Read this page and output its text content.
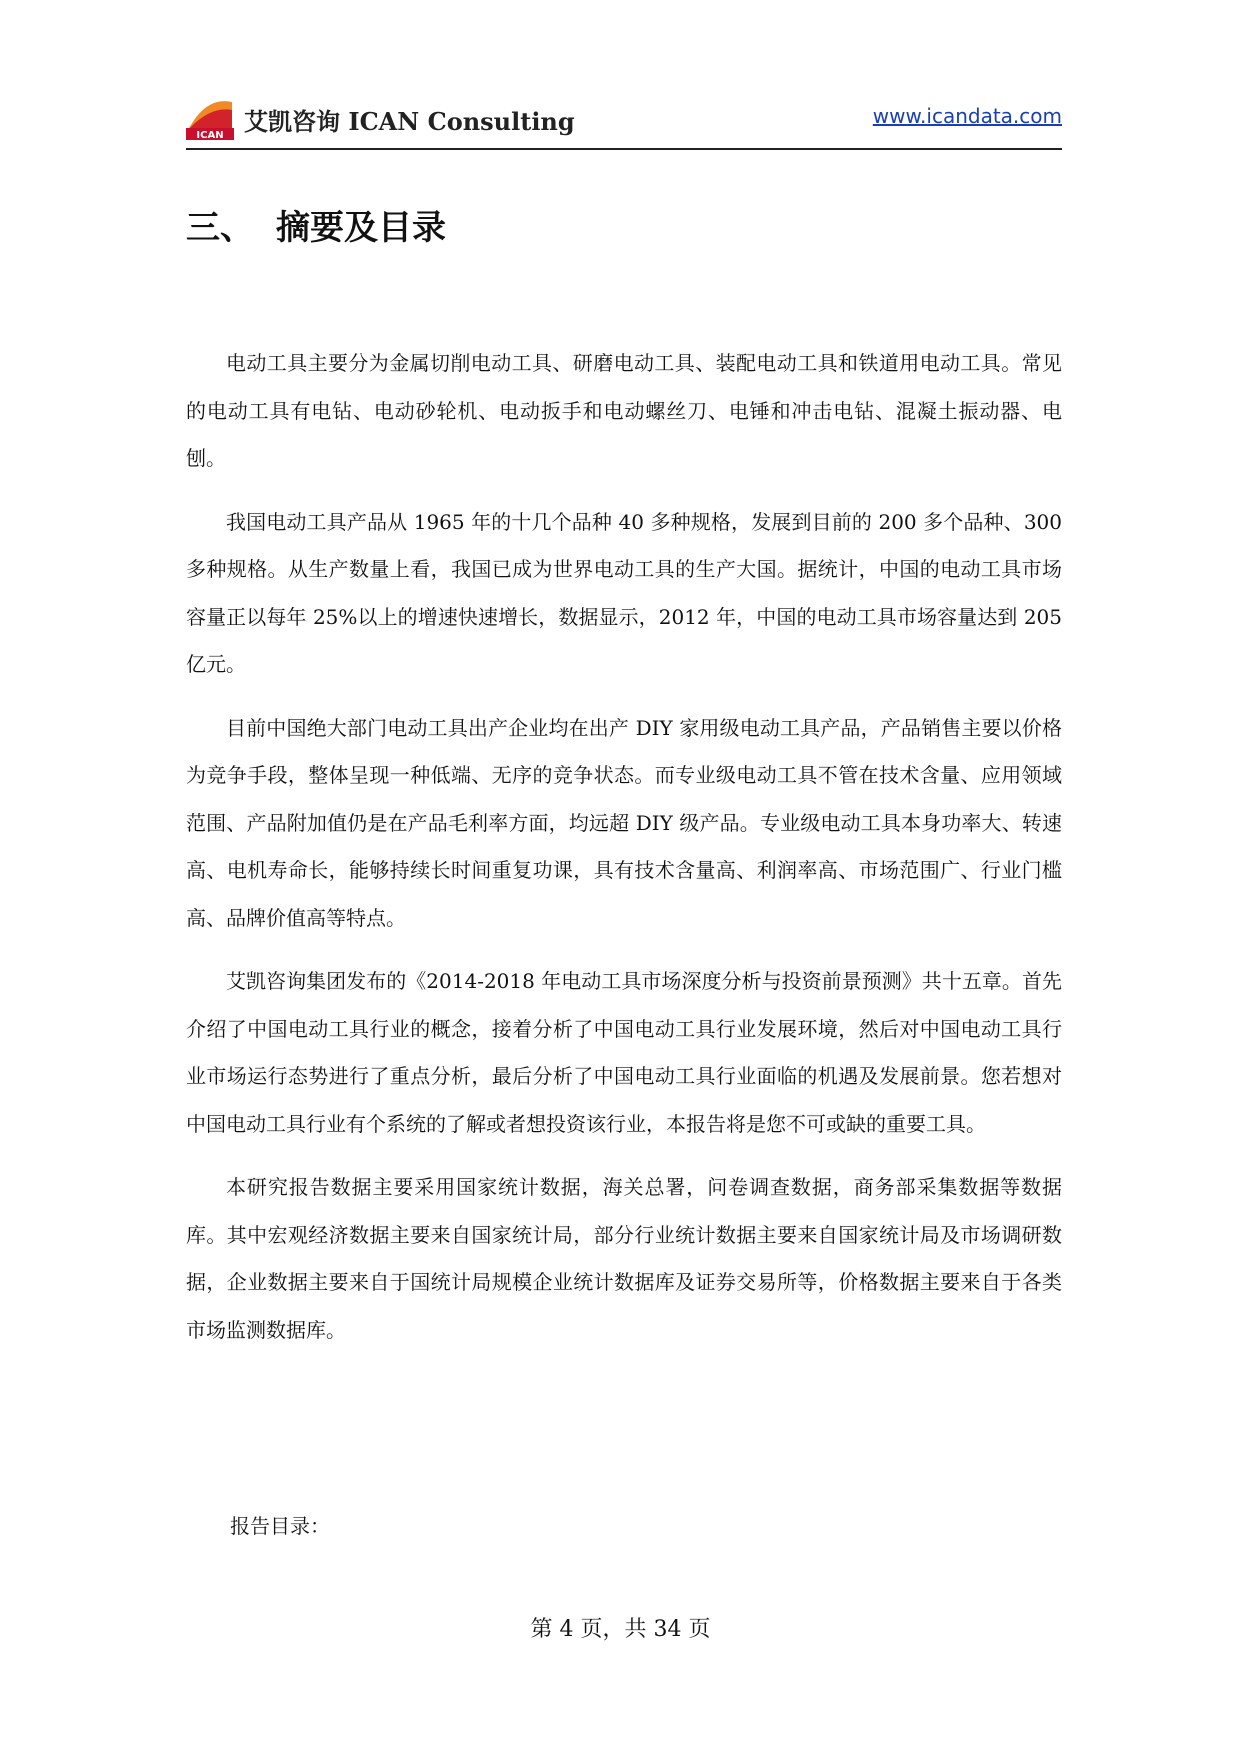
ICAN 艾凯咨询 ICAN Consulting	www.icandata.com
三、 摘要及目录

电动工具主要分为金属切削电动工具、研磨电动工具、装配电动工具和铁道用电动工具。常见的电动工具有电钻、电动砂轮机、电动扳手和电动螺丝刀、电锤和冲击电钻、混凝土振动器、电刨。

我国电动工具产品从 1965 年的十几个品种 40 多种规格，发展到目前的 200 多个品种、300 多种规格。从生产数量上看，我国已成为世界电动工具的生产大国。据统计，中国的电动工具市场容量正以每年 25%以上的增速快速增长，数据显示，2012 年，中国的电动工具市场容量达到 205 亿元。

目前中国绝大部门电动工具出产企业均在出产 DIY 家用级电动工具产品，产品销售主要以价格为竞争手段，整体呈现一种低端、无序的竞争状态。而专业级电动工具不管在技术含量、应用领域范围、产品附加值仍是在产品毛利率方面，均远超 DIY 级产品。专业级电动工具本身功率大、转速高、电机寿命长，能够持续长时间重复功课，具有技术含量高、利润率高、市场范围广、行业门槛高、品牌价值高等特点。

艾凯咨询集团发布的《2014-2018 年电动工具市场深度分析与投资前景预测》共十五章。首先介绍了中国电动工具行业的概念，接着分析了中国电动工具行业发展环境，然后对中国电动工具行业市场运行态势进行了重点分析，最后分析了中国电动工具行业面临的机遇及发展前景。您若想对中国电动工具行业有个系统的了解或者想投资该行业，本报告将是您不可或缺的重要工具。

本研究报告数据主要采用国家统计数据，海关总署，问卷调查数据，商务部采集数据等数据库。其中宏观经济数据主要来自国家统计局，部分行业统计数据主要来自国家统计局及市场调研数据，企业数据主要来自于国统计局规模企业统计数据库及证券交易所等，价格数据主要来自于各类市场监测数据库。

报告目录：
第 4 页，共 34 页
